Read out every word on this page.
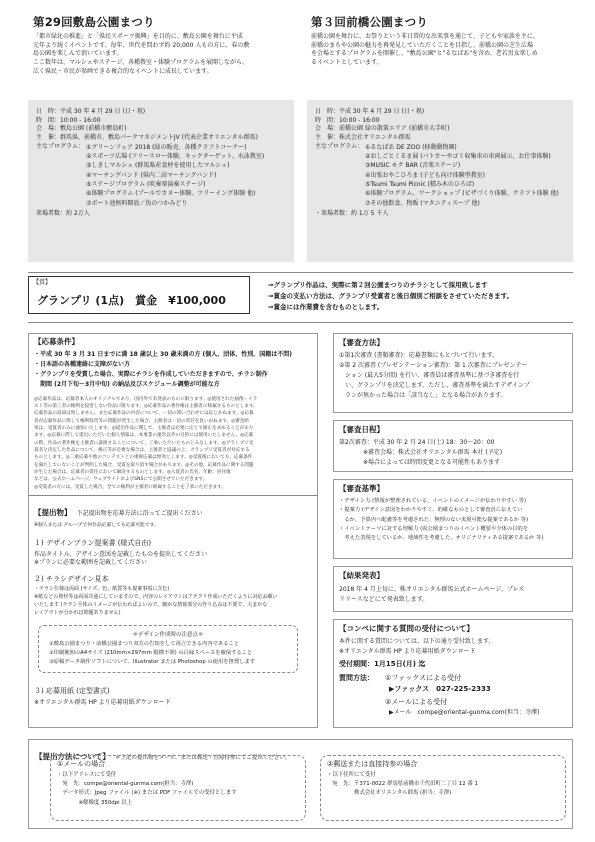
第29回敷島公園まつり
「都市緑化の推進」と「県民スポーツ振興」を目的に、敷島公園を舞台に平成
元年より続くイベントです。毎年、世代を問わず約 20,000 人もの方に、春の敷
島公園を楽しんで頂いています。
ここ数年は、マルシェやステージ、各種教室・体験プログラムを展開しながら、
広く県民・市民が参画できる複合的なイベントに成長しています。
日　時：平成 30 年 4 月 29 日 (日・祝)
時　間：10:00 - 16:00
会　場：敷島公園 (前橋市敷島町)
主　催：群馬県、前橋市、敷島パークマネジメントJV (代表企業オリエンタル群馬)
主なプログラム： ①グリーンフェア 2018 (緑の販売、各種クラフトコーナー)
②スポーツ広場 (フリースロー体験、キックターゲット、水泳教室)
③しきしマルシェ (群馬県産食材を使用したマルシェ)
④マーチングバンド (県内二高マーチングバンド)
⑤ステージプログラム (吹奏楽演奏ステージ)
⑥体験プログラム (プールでカヌー体験、ツリーイング体験 他)
⑦ボート池無料開放／魚のつかみどり
来場者数：約 2万人
第３回前橋公園まつり
前橋公園を舞台に、お祭りという非日常的な出来事を通じて、子どもや家族を主に、
前橋のまちや公園の魅力を再発見していただくことを目指し、前橋公園の芝生広場
を会場とするプログラムを開催し、"敷島公園"と"るなぱあ"を含め、老若男女楽しめ
るイベントとしています。
日　時：平成 30 年 4 月 29 日 (日・祝)
時　間：10:00 - 16:00
会　場：前橋公園 緑の散策エリア (前橋市大手町)
主　催：株式会社オリエンタル群馬
主なプログラム： ①るなぱあ DE ZOO (移動動物園)
②おしごとくるま展 (パトカーやゴミ収集車の車両展示、お仕事体験)
③MUSIC モク BAR (音楽ステージ)
④出張おやこひろま (子ども向け体験型教室)
⑤Tsumi Tsumi Picnic (積み木のひろば)
⑥体験プログラム、ワークショップ (ピザづくり体験、クラフト体験 他)
⑦その他飲食、物販 (マタニティスープ 他)
・来場者数：約 1万 5 千人
【賞】
グランプリ (1点)　賞金　¥100,000
⇒グランプリ作品は、実際に第２回公園まつりのチラシとして採用致します
⇒賞金の支払い方法は、グランプリ受賞者と後日個別ご相談をさせていただきます。
⇒賞金には作業費を含むものとします。
【応募条件】
・平成 30 年 3 月 31 日までに満 18 歳以上 30 歳未満の方 (個人、団体、性別、国籍は不問)
・日本語の各種連絡に支障がない方
・グランプリを受賞した場合、実際にチラシを作成していただきますので、チラシ制作
　期間 (2月下旬〜3月中旬) の納品及びスケジュール調整が可能な方
◎応募作品は、応募者本人のオリジナルであり、国内外で未発表のものに限ります。◎使用された画像・イラ
スト等の第三者の権利を侵害しない作品に限ります。◎応募作品の著作権は主催者に帰属するものとします。
応募作品の返却は致しません。また応募作品の内容について、一切の問い合わせには応じかねます。◎応募
者が応募作品に関して権利侵害等の問題が発生した場合、主催者は一切の責任を負いかねます。◎審査結
果は、受賞者のみに通知いたします。◎提出作品に関して、主催者は必要に応じて修正を求めることがあり
ます。◎応募に際して提出いただいた個人情報は、本事業の運営以外の目的には使用いたしません。◎応募
の際、作品の著作権を主催者に譲渡することについて、了承いただいたものとみなします。◎グランプリ受
賞者と決定した作品について、修正等が必要な場合は、主催者と協議の上、グランプリ受賞者が対応する
ものとします。◎二重応募や他のコンテストとの重複応募は無効とします。◎受賞後においても、応募条件
を満たしていないことが判明した場合、受賞を取り消す場合があります。◎その他、応募作品に関する問題
が生じた場合は、応募者の責任において解決するものとします。◎入賞者の氏名、年齢、居住地
などは、公式ホームページ、ウェブサイトおよびSNSにて公開させていただきます。
◎受賞者の方には、受賞した場合、全ての権利が主催者に帰属することを了承いただきます。
【提出物】 下記提出物を応募方法に沿ってご提出ください
※個人または グループで何作品応募しても応募可能です。
１) デザインプラン提案書 (様式自由)
作品タイトル、デザイン意図を記載したものを提出してください
※プランに必要な範囲を記載してください
２) チラシデザイン見本
・チラシ仕様は両面 (サイズ、色、紙質等も提案事項に含む)
※紙などの資材等は両面共通にしていますので、内容のレイアウトはアテクリ作成いただくように対応お願い
いたします (チラシ全体のイメージが伝わればよいので、細かな情報部分の作り込みは不要で、大まかな
レイアウトが分かれば問題ありません)
＊デザイン作成時の注意点＊
①敷島公園まつり・前橋公園まつり双方の告知をして両立できる内容であること
②印刷範囲のA4サイズ (210mm×297mm 縦横不問) の白縁スペースを確保すること
③原稿データ制作ソフトについて、Illustrator または Photoshop の使用を推奨します
３) 応募用紙 (定型書式)
※オリエンタル群馬 HP より応募用紙ダウンロード
【審査方法】
①第1次審査 (書類審査)：応募書類にもとづいて行います。
②第 2 次審査 (プレゼンテーション審査)：第 1 次審査にプレゼンテー
　ション (最大5分間) を行い、審査員は審査基準に基づき審査を行
　い、グランプリを決定します。ただし、審査基準を満たすデザインプ
　ランが無かった場合は「該当なし」となる場合があります。
【審査日程】
第2次審査：平成 30 年 2 月 24 日(土) 18：30〜20：00
　　　　※審査会場：株式会社オリエンタル群馬 本社 (予定)
　　　　※場合によっては時間変更となる可能性もあります
【審査基準】
・デザイン力 (情報が整理されている、イベントのイメージが伝わりやすい 等)
・提案力 (デザイン意図をわかりやすく、的確なものとして審査員に伝えてい
　るか、予算内へ配慮等を考慮された、無理のない実現可能な提案であるか 等)
・イベントテーマに対する理解力 (両公園まつりのイベント概要や全体の目的を
　考えた表現をしているか、地域性を考慮した、オリジナリティある提案であるか 等)
【結果発表】
2018 年 4 月上旬に、株オリエンタル群馬公式ホームページ、プレス
リリースなどにて発表致します。
【コンペに関する質問の受付について】
本件に関する質問については、以下の通り受付致します。
※オリエンタル群馬 HP より応募用紙ダウンロード
受付期間：1月15日(月) 迄
質問方法： ①ファックスによる受付
▶ファックス　027-225-2333
②メールによる受付
▶メール　compe@oriental-gunma.com(担当：寺澤)
【提出方法について】 ＊上記の提出物をメール、または郵送・直接持参にてご提出ください。
①メールの場合
・以下アドレスにて受付
　宛　先：compe@oriental-gunma.com(担当：寺澤)
　データ形式：Jpeg ファイル (※) または PDF ファイルでの受付とします
　　　　※解像度 350dpi 以上
②郵送または直接持参の場合
・以下住所にて受付
　宛　先：〒371-0022 群馬県前橋市千代田町二丁目 12 番 1
　　　　　株式会社オリエンタル群馬 (担当：寺澤)
